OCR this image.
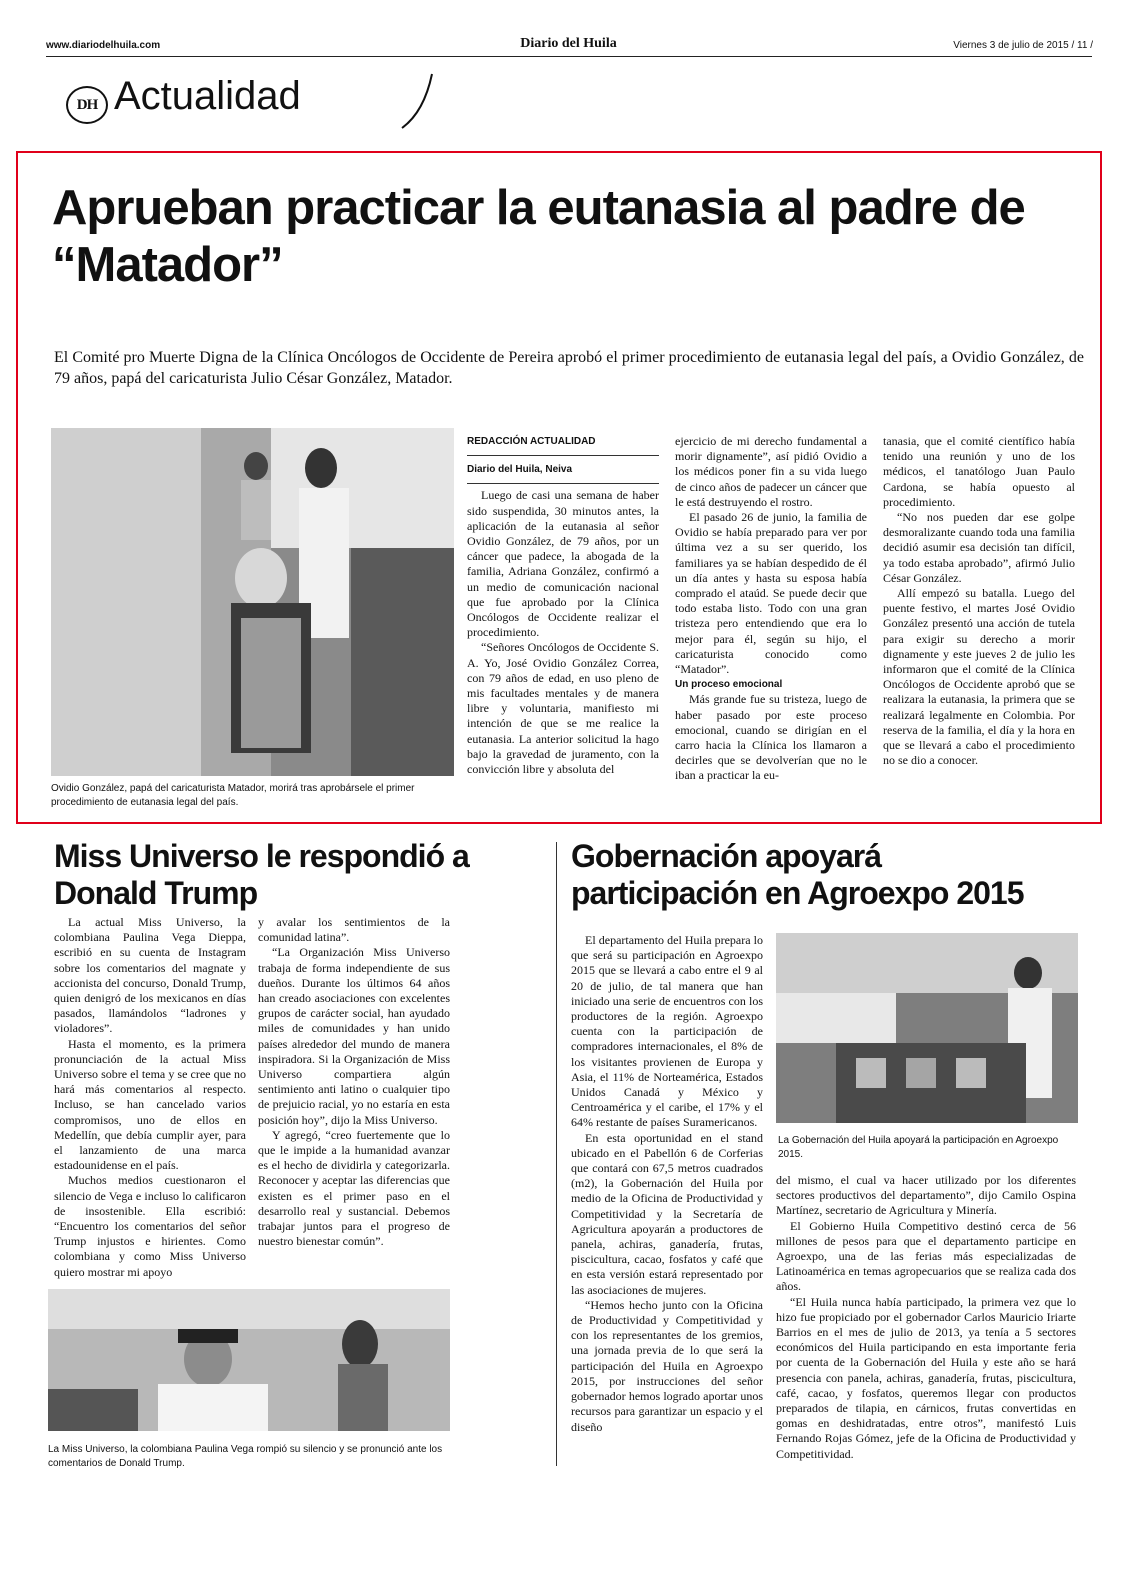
www.diariodelhuila.com	Diario del Huila	Viernes 3 de julio de 2015 / 11 /
DH Actualidad
Aprueban practicar la eutanasia al padre de “Matador”
El Comité pro Muerte Digna de la Clínica Oncólogos de Occidente de Pereira aprobó el primer procedimiento de eutanasia legal del país, a Ovidio González, de 79 años, papá del caricaturista Julio César González, Matador.
Ovidio González, papá del caricaturista Matador, morirá tras aprobársele el primer procedimiento de eutanasia legal del país.
REDACCIÓN ACTUALIDAD
Diario del Huila, Neiva

Luego de casi una semana de haber sido suspendida, 30 minutos antes, la aplicación de la eutanasia al señor Ovidio González, de 79 años, por un cáncer que padece, la abogada de la familia, Adriana González, confirmó a un medio de comunicación nacional que fue aprobado por la Clínica Oncólogos de Occidente realizar el procedimiento.

“Señores Oncólogos de Occidente S. A. Yo, José Ovidio González Correa, con 79 años de edad, en uso pleno de mis facultades mentales y de manera libre y voluntaria, manifiesto mi intención de que se me realice la eutanasia. La anterior solicitud la hago bajo la gravedad de juramento, con la convicción libre y absoluta del

ejercicio de mi derecho fundamental a morir dignamente”, así pidió Ovidio a los médicos poner fin a su vida luego de cinco años de padecer un cáncer que le está destruyendo el rostro.

El pasado 26 de junio, la familia de Ovidio se había preparado para ver por última vez a su ser querido, los familiares ya se habían despedido de él un día antes y hasta su esposa había comprado el ataúd. Se puede decir que todo estaba listo. Todo con una gran tristeza pero entendiendo que era lo mejor para él, según su hijo, el caricaturista conocido como “Matador”.

Un proceso emocional

Más grande fue su tristeza, luego de haber pasado por este proceso emocional, cuando se dirigían en el carro hacia la Clínica los llamaron a decirles que se devolverían que no le iban a practicar la eu-

tanasia, que el comité científico había tenido una reunión y uno de los médicos, el tanatólogo Juan Paulo Cardona, se había opuesto al procedimiento.

“No nos pueden dar ese golpe desmoralizante cuando toda una familia decidió asumir esa decisión tan difícil, ya todo estaba aprobado”, afirmó Julio César González.

Allí empezó su batalla. Luego del puente festivo, el martes José Ovidio González presentó una acción de tutela para exigir su derecho a morir dignamente y este jueves 2 de julio les informaron que el comité de la Clínica Oncólogos de Occidente aprobó que se realizara la eutanasia, la primera que se realizará legalmente en Colombia. Por reserva de la familia, el día y la hora en que se llevará a cabo el procedimiento no se dio a conocer.

Miss Universo le respondió a Donald Trump

La actual Miss Universo, la colombiana Paulina Vega Dieppa, escribió en su cuenta de Instagram sobre los comentarios del magnate y accionista del concurso, Donald Trump, quien denigró de los mexicanos en días pasados, llamándolos “ladrones y violadores”.

Hasta el momento, es la primera pronunciación de la actual Miss Universo sobre el tema y se cree que no hará más comentarios al respecto. Incluso, se han cancelado varios compromisos, uno de ellos en Medellín, que debía cumplir ayer, para el lanzamiento de una marca estadounidense en el país.

Muchos medios cuestionaron el silencio de Vega e incluso lo calificaron de insostenible. Ella escribió: “Encuentro los comentarios del señor Trump injustos e hirientes. Como colombiana y como Miss Universo quiero mostrar mi apoyo

y avalar los sentimientos de la comunidad latina”.

“La Organización Miss Universo trabaja de forma independiente de sus dueños. Durante los últimos 64 años han creado asociaciones con excelentes grupos de carácter social, han ayudado miles de comunidades y han unido países alrededor del mundo de manera inspiradora. Si la Organización de Miss Universo compartiera algún sentimiento anti latino o cualquier tipo de prejuicio racial, yo no estaría en esta posición hoy”, dijo la Miss Universo.

Y agregó, “creo fuertemente que lo que le impide a la humanidad avanzar es el hecho de dividirla y categorizarla. Reconocer y aceptar las diferencias que existen es el primer paso en el desarrollo real y sustancial. Debemos trabajar juntos para el progreso de nuestro bienestar común”.

La Miss Universo, la colombiana Paulina Vega rompió su silencio y se pronunció ante los comentarios de Donald Trump.
Gobernación apoyará participación en Agroexpo 2015

El departamento del Huila prepara lo que será su participación en Agroexpo 2015 que se llevará a cabo entre el 9 al 20 de julio, de tal manera que han iniciado una serie de encuentros con los productores de la región. Agroexpo cuenta con la participación de compradores internacionales, el 8% de los visitantes provienen de Europa y Asia, el 11% de Norteamérica, Estados Unidos Canadá y México y Centroamérica y el caribe, el 17% y el 64% restante de países Suramericanos.

En esta oportunidad en el stand ubicado en el Pabellón 6 de Corferias que contará con 67,5 metros cuadrados (m2), la Gobernación del Huila por medio de la Oficina de Productividad y Competitividad y la Secretaría de Agricultura apoyarán a productores de panela, achiras, ganadería, frutas, piscicultura, cacao, fosfatos y café que en esta versión estará representado por las asociaciones de mujeres.

“Hemos hecho junto con la Oficina de Productividad y Competitividad y con los representantes de los gremios, una jornada previa de lo que será la participación del Huila en Agroexpo 2015, por instrucciones del señor gobernador hemos logrado aportar unos recursos para garantizar un espacio y el diseño

La Gobernación del Huila apoyará la participación en Agroexpo 2015.

del mismo, el cual va hacer utilizado por los diferentes sectores productivos del departamento”, dijo Camilo Ospina Martínez, secretario de Agricultura y Minería.

El Gobierno Huila Competitivo destinó cerca de 56 millones de pesos para que el departamento participe en Agroexpo, una de las ferias más especializadas de Latinoamérica en temas agropecuarios que se realiza cada dos años.

“El Huila nunca había participado, la primera vez que lo hizo fue propiciado por el gobernador Carlos Mauricio Iriarte Barrios en el mes de julio de 2013, ya tenía a 5 sectores económicos del Huila participando en esta importante feria por cuenta de la Gobernación del Huila y este año se hará presencia con panela, achiras, ganadería, frutas, piscicultura, café, cacao, y fosfatos, queremos llegar con productos preparados de tilapia, en cárnicos, frutas convertidas en gomas en deshidratadas, entre otros”, manifestó Luis Fernando Rojas Gómez, jefe de la Oficina de Productividad y Competitividad.
